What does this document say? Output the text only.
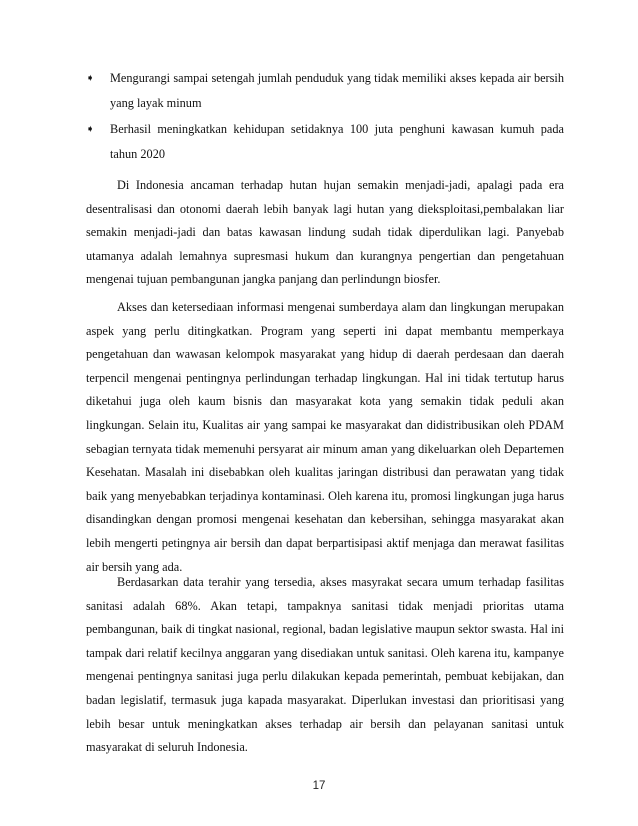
➧ Mengurangi sampai setengah jumlah penduduk yang tidak memiliki akses kepada air bersih yang layak minum
➧ Berhasil meningkatkan kehidupan setidaknya 100 juta penghuni kawasan kumuh pada tahun 2020

Di Indonesia ancaman terhadap hutan hujan semakin menjadi-jadi, apalagi pada era desentralisasi dan otonomi daerah lebih banyak lagi hutan yang dieksploitasi,pembalakan liar semakin menjadi-jadi dan batas kawasan lindung sudah tidak diperdulikan lagi. Panyebab utamanya adalah lemahnya supresmasi hukum dan kurangnya pengertian dan pengetahuan mengenai tujuan pembangunan jangka panjang dan perlindungn biosfer.

Akses dan ketersediaan informasi mengenai sumberdaya alam dan lingkungan merupakan aspek yang perlu ditingkatkan. Program yang seperti ini dapat membantu memperkaya pengetahuan dan wawasan kelompok masyarakat yang hidup di daerah perdesaan dan daerah terpencil mengenai pentingnya perlindungan terhadap lingkungan. Hal ini tidak tertutup harus diketahui juga oleh kaum bisnis dan masyarakat kota yang semakin tidak peduli akan lingkungan. Selain itu, Kualitas air yang sampai ke masyarakat dan didistribusikan oleh PDAM sebagian ternyata tidak memenuhi persyarat air minum aman yang dikeluarkan oleh Departemen Kesehatan. Masalah ini disebabkan oleh kualitas jaringan distribusi dan perawatan yang tidak baik yang menyebabkan terjadinya kontaminasi. Oleh karena itu, promosi lingkungan juga harus disandingkan dengan promosi mengenai kesehatan dan kebersihan, sehingga masyarakat akan lebih mengerti petingnya air bersih dan dapat berpartisipasi aktif menjaga dan merawat fasilitas air bersih yang ada.

Berdasarkan data terahir yang tersedia, akses masyrakat secara umum terhadap fasilitas sanitasi adalah 68%. Akan tetapi, tampaknya sanitasi tidak menjadi prioritas utama pembangunan, baik di tingkat nasional, regional, badan legislative maupun sektor swasta. Hal ini tampak dari relatif kecilnya anggaran yang disediakan untuk sanitasi. Oleh karena itu, kampanye mengenai pentingnya sanitasi juga perlu dilakukan kepada pemerintah, pembuat kebijakan, dan badan legislatif, termasuk juga kapada masyarakat. Diperlukan investasi dan prioritisasi yang lebih besar untuk meningkatkan akses terhadap air bersih dan pelayanan sanitasi untuk masyarakat di seluruh Indonesia.

17
